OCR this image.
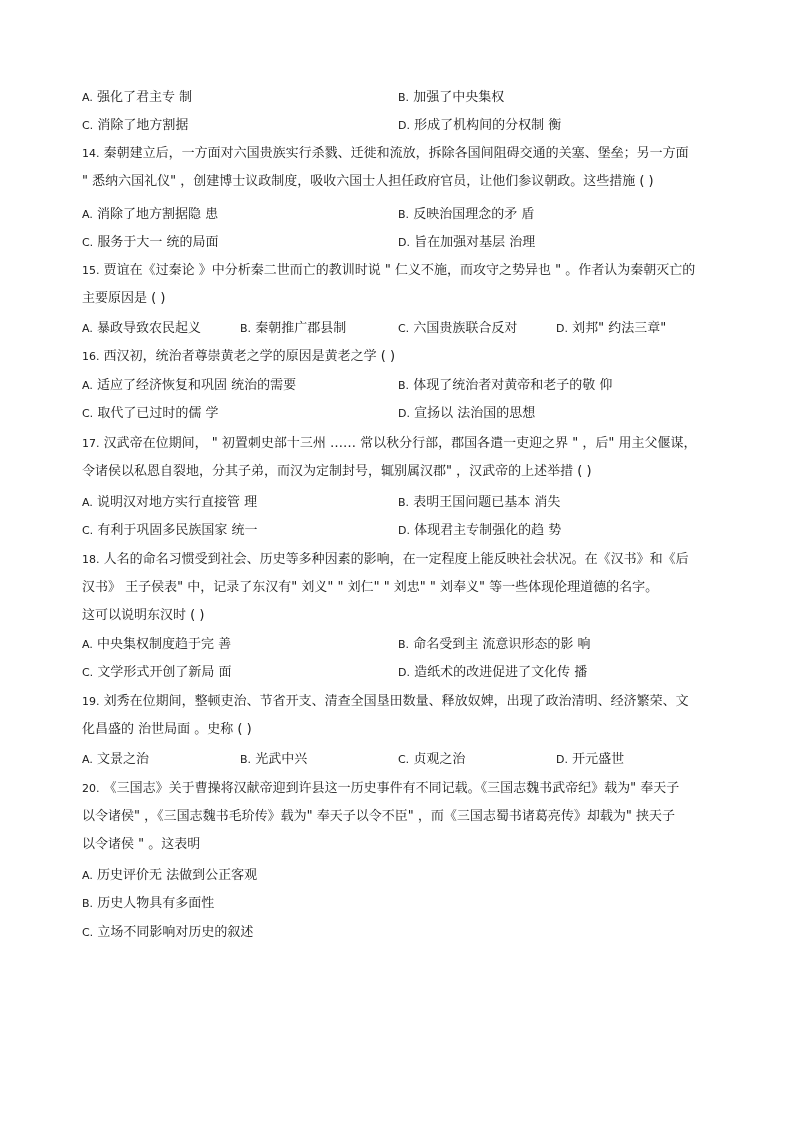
A. 强化了君主专 制	B. 加强了中央集权
C. 消除了地方割据	D. 形成了机构间的分权制 衡
14. 秦朝建立后，一方面对六国贵族实行杀戮、迁徙和流放，拆除各国间阻碍交通的关塞、堡垒；另一方面
" 悉纳六国礼仪" ，创建博士议政制度，吸收六国士人担任政府官员，让他们参议朝政。这些措施 ( )
A. 消除了地方割据隐 患	B. 反映治国理念的矛 盾
C. 服务于大一 统的局面	D. 旨在加强对基层 治理
15. 贾谊在《过秦论 》中分析秦二世而亡的教训时说 " 仁义不施，而攻守之势异也 " 。作者认为秦朝灭亡的
主要原因是 ( )
A. 暴政导致农民起义	B. 秦朝推广郡县制	C. 六国贵族联合反对	D. 刘邦" 约法三章"
16. 西汉初，统治者尊崇黄老之学的原因是黄老之学 ( )
A. 适应了经济恢复和巩固 统治的需要	B. 体现了统治者对黄帝和老子的敬 仰
C. 取代了已过时的儒 学	D. 宣扬以 法治国的思想
17. 汉武帝在位期间， " 初置刺史部十三州 …… 常以秋分行部，郡国各遣一吏迎之界 " ，后" 用主父偃谋，
令诸侯以私恩自裂地，分其子弟，而汉为定制封号，辄别属汉郡" ，汉武帝的上述举措 ( )
A. 说明汉对地方实行直接管 理	B. 表明王国问题已基本 消失
C. 有利于巩固多民族国家 统一	D. 体现君主专制强化的趋 势
18. 人名的命名习惯受到社会、历史等多种因素的影响，在一定程度上能反映社会状况。在《汉书》和《后
汉书》 王子侯表" 中，记录了东汉有" 刘义" " 刘仁" " 刘忠" " 刘奉义" 等一些体现伦理道德的名字。
这可以说明东汉时 ( )
A. 中央集权制度趋于完 善	B. 命名受到主 流意识形态的影 响
C. 文学形式开创了新局 面	D. 造纸术的改进促进了文化传 播
19. 刘秀在位期间，整顿吏治、节省开支、清查全国垦田数量、释放奴婢，出现了政治清明、经济繁荣、文
化昌盛的 治世局面 。史称 ( )
A. 文景之治	B. 光武中兴	C. 贞观之治	D. 开元盛世
20. 《三国志》关于曹操将汉献帝迎到许县这一历史事件有不同记载。《三国志魏书武帝纪》载为" 奉天子
以令诸侯" ，《三国志魏书毛玠传》载为" 奉天子以令不臣" ，而《三国志蜀书诸葛亮传》却载为" 挟天子
以令诸侯 " 。这表明
A. 历史评价无 法做到公正客观
B. 历史人物具有多面性
C. 立场不同影响对历史的叙述
